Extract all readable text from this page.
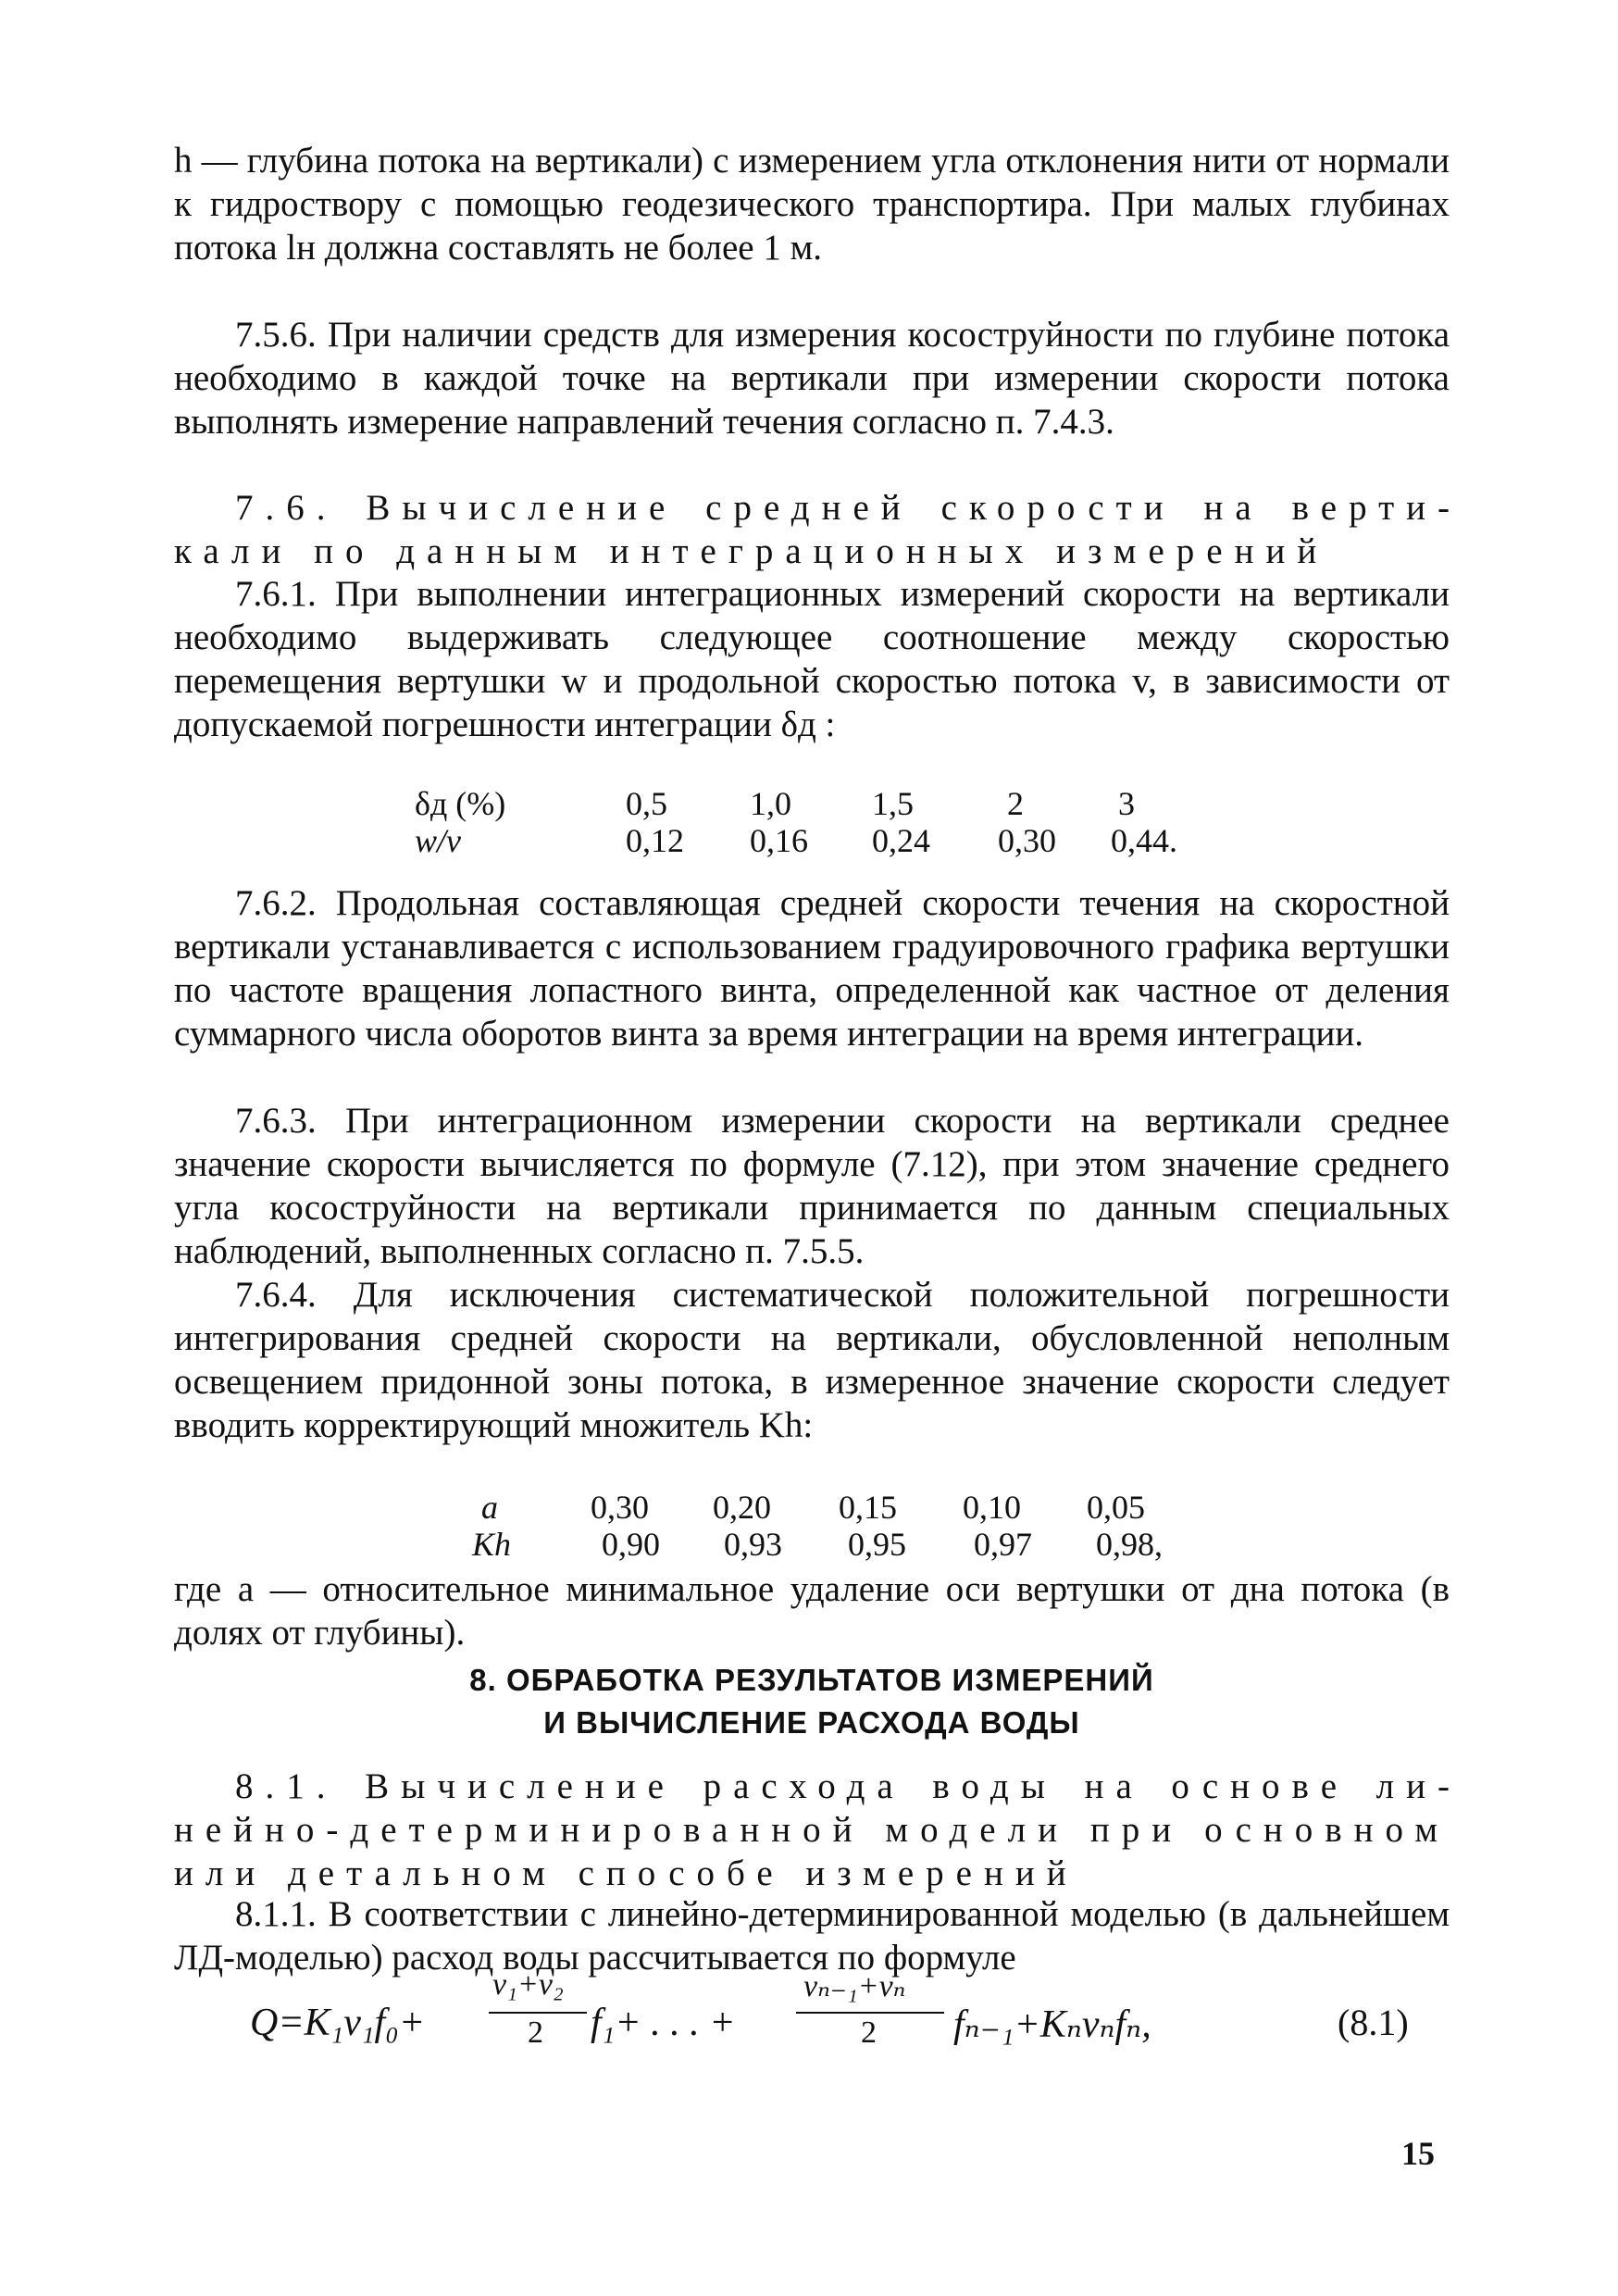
h — глубина потока на вертикали) с измерением угла отклонения нити от нормали к гидроствору с помощью геодезического транспортира. При малых глубинах потока lн должна составлять не более 1 м.
7.5.6. При наличии средств для измерения косоструйности по глубине потока необходимо в каждой точке на вертикали при измерении скорости потока выполнять измерение направлений течения согласно п. 7.4.3.
7.6. Вычисление средней скорости на вертикали по данным интеграционных измерений
7.6.1. При выполнении интеграционных измерений скорости на вертикали необходимо выдерживать следующее соотношение между скоростью перемещения вертушки w и продольной скоростью потока v, в зависимости от допускаемой погрешности интеграции δд :
δд (%)	0,5 1,0 1,5	2	3
w/v	0,12 0,16 0,24 0,30 0,44.
7.6.2. Продольная составляющая средней скорости течения на скоростной вертикали устанавливается с использованием градуировочного графика вертушки по частоте вращения лопастного винта, определенной как частное от деления суммарного числа оборотов винта за время интеграции на время интеграции.
7.6.3. При интеграционном измерении скорости на вертикали среднее значение скорости вычисляется по формуле (7.12), при этом значение среднего угла косоструйности на вертикали принимается по данным специальных наблюдений, выполненных согласно п. 7.5.5.
7.6.4. Для исключения систематической положительной погрешности интегрирования средней скорости на вертикали, обусловленной неполным освещением придонной зоны потока, в измеренное значение скорости следует вводить корректирующий множитель Kh:
a	0,30 0,20 0,15 0,10 0,05
Kh	0,90 0,93 0,95 0,97 0,98,
где a — относительное минимальное удаление оси вертушки от дна потока (в долях от глубины).
8. ОБРАБОТКА РЕЗУЛЬТАТОВ ИЗМЕРЕНИЙ
И ВЫЧИСЛЕНИЕ РАСХОДА ВОДЫ
8.1. Вычисление расхода воды на основе линейно-детерминированной модели при основном или детальном способе измерений
8.1.1. В соответствии с линейно-детерминированной моделью (в дальнейшем ЛД-моделью) расход воды рассчитывается по формуле
Q=K₁v₁f₀+
v₁+v₂
2 f₁+ . . . +
vₙ₋₁+vₙ
2 fₙ₋₁+Kₙvₙfₙ,	(8.1)
15
